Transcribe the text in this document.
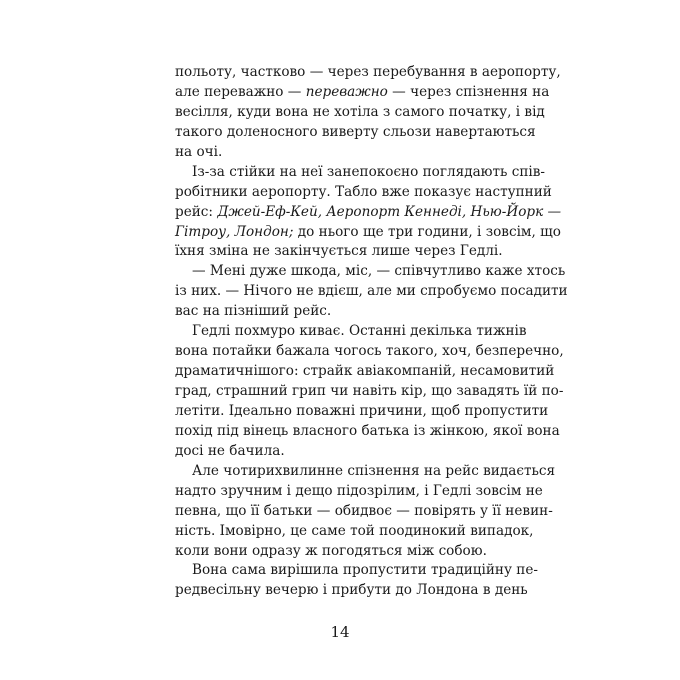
польоту, частково — через перебування в аеропорту,
але переважно — переважно — через спізнення на
весілля, куди вона не хотіла з самого початку, і від
такого доленосного виверту сльози навертаються
на очі.
Із-за стійки на неї занепокоєно поглядають спів-
робітники аеропорту. Табло вже показує наступний
рейс: Джей-Еф-Кей, Аеропорт Кеннеді, Нью-Йорк —
Гітроу, Лондон; до нього ще три години, і зовсім, що
їхня зміна не закінчується лише через Гедлі.
— Мені дуже шкода, міс, — співчутливо каже хтось
із них. — Нічого не вдієш, але ми спробуємо посадити
вас на пізніший рейс.
Гедлі похмуро киває. Останні декілька тижнів
вона потайки бажала чогось такого, хоч, безперечно,
драматичнішого: страйк авіакомпаній, несамовитий
град, страшний грип чи навіть кір, що завадять їй по-
летіти. Ідеально поважні причини, щоб пропустити
похід під вінець власного батька із жінкою, якої вона
досі не бачила.
Але чотирихвилинне спізнення на рейс видається
надто зручним і дещо підозрілим, і Гедлі зовсім не
певна, що її батьки — обидвоє — повірять у її невин-
ність. Імовірно, це саме той поодинокий випадок,
коли вони одразу ж погодяться між собою.
Вона сама вирішила пропустити традиційну пе-
редвесільну вечерю і прибути до Лондона в день
14
